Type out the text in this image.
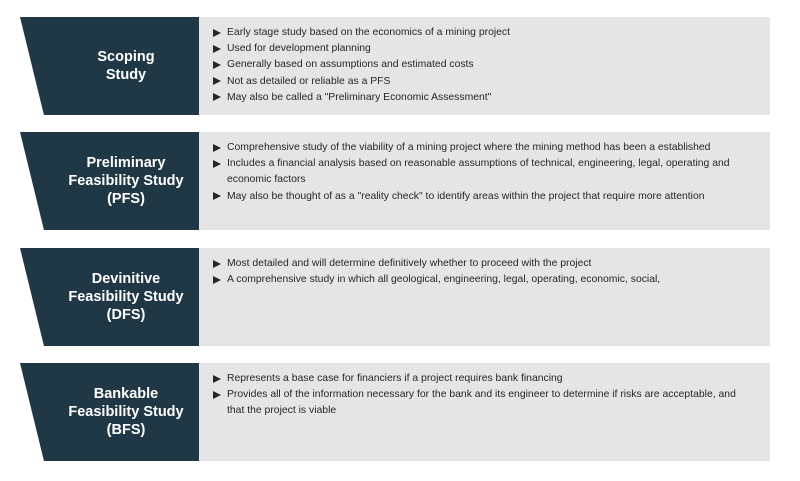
Scoping
Study
Early stage study based on the economics of a mining project
Used for development planning
Generally based on assumptions and estimated costs
Not as detailed or reliable as a PFS
May also be called a "Preliminary Economic Assessment"
Preliminary
Feasibility Study
(PFS)
Comprehensive study of the viability of a mining project where the mining method has been a established
Includes a financial analysis based on reasonable assumptions of technical, engineering, legal, operating and economic factors
May also be thought of as a "reality check" to identify areas within the project that require more attention
Devinitive
Feasibility Study
(DFS)
Most detailed and will determine definitively whether to proceed with the project
A comprehensive study in which all geological, engineering, legal, operating, economic, social,
Bankable
Feasibility Study
(BFS)
Represents a base case for financiers if a project requires bank financing
Provides all of the information necessary for the bank and its engineer to determine if risks are acceptable, and that the project is viable
